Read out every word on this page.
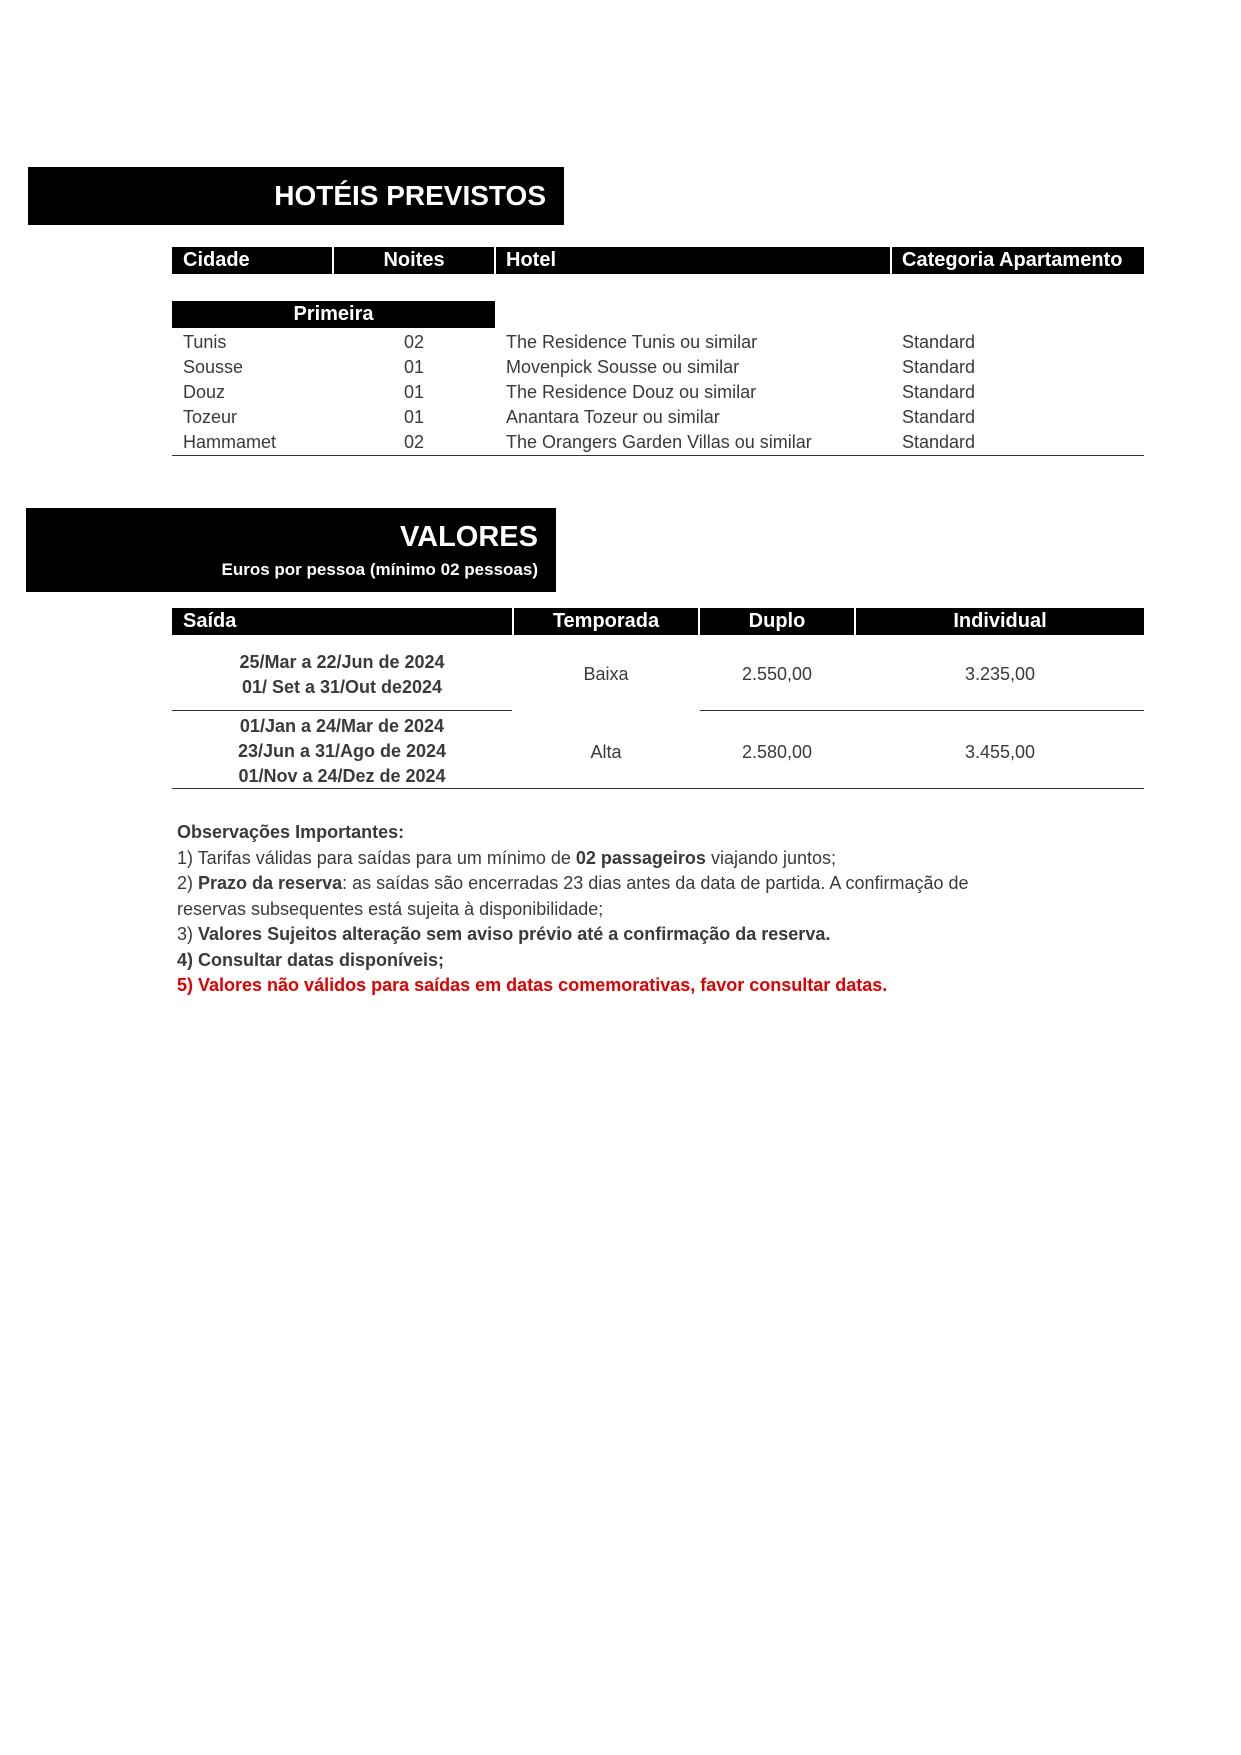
HOTÉIS PREVISTOS
Cidade	Noites	Hotel	Categoria Apartamento
Primeira
Tunis	02	The Residence Tunis ou similar	Standard
Sousse	01	Movenpick Sousse ou similar	Standard
Douz	01	The Residence Douz ou similar	Standard
Tozeur	01	Anantara Tozeur ou similar	Standard
Hammamet	02	The Orangers Garden Villas ou similar	Standard
VALORES
Euros por pessoa (mínimo 02 pessoas)
Saída	Temporada	Duplo	Individual
25/Mar a 22/Jun de 2024
01/ Set a 31/Out de2024
Baixa	2.550,00	3.235,00
01/Jan a 24/Mar de 2024
23/Jun a 31/Ago de 2024
01/Nov a 24/Dez de 2024
Alta	2.580,00	3.455,00
Observações Importantes:
1) Tarifas válidas para saídas para um mínimo de 02 passageiros viajando juntos;
2) Prazo da reserva: as saídas são encerradas 23 dias antes da data de partida. A confirmação de
reservas subsequentes está sujeita à disponibilidade;
3) Valores Sujeitos alteração sem aviso prévio até a confirmação da reserva.
4) Consultar datas disponíveis;
5) Valores não válidos para saídas em datas comemorativas, favor consultar datas.
